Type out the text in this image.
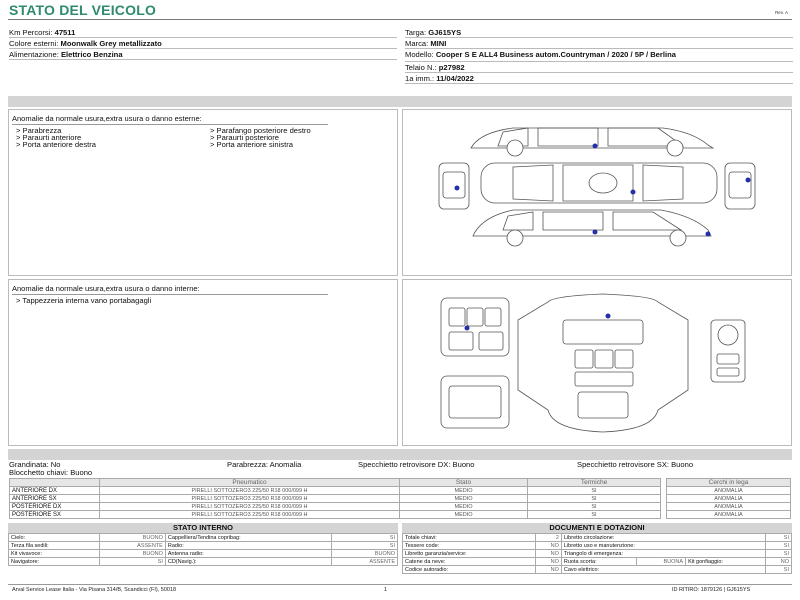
STATO DEL VEICOLO	Rev. A
Km Percorsi: 47511
Colore esterni: Moonwalk Grey metallizzato
Alimentazione: Elettrico Benzina
Targa: GJ615YS
Marca: MINI
Modello: Cooper S E ALL4 Business autom.Countryman / 2020 / 5P / Berlina
Telaio N.: p27982
1a imm.: 11/04/2022
Anomalie da normale usura,extra usura o danno esterne:
> Parabrezza	> Parafango posteriore destro
> Paraurti anteriore	> Paraurti posteriore
> Porta anteriore destra	> Porta anteriore sinistra
Anomalie da normale usura,extra usura o danno interne:
> Tappezzeria interna vano portabagagli
Grandinata: No	Parabrezza: Anomalia	Specchietto retrovisore DX: Buono	Specchietto retrovisore SX: Buono
Blocchetto chiavi: Buono
	Pneumatico	Stato	Termiche
ANTERIORE DX	PIRELLI SOTTOZERO3 225/50 R18 000/099 H	MEDIO	SI
ANTERIORE SX	PIRELLI SOTTOZERO3 225/50 R18 000/099 H	MEDIO	SI
POSTERIORE DX	PIRELLI SOTTOZERO3 225/50 R18 000/099 H	MEDIO	SI
POSTERIORE SX	PIRELLI SOTTOZERO3 225/50 R18 000/099 H	MEDIO	SI
Cerchi in lega
ANOMALIA
ANOMALIA
ANOMALIA
ANOMALIA
STATO INTERNO
Cielo:	BUONO	Cappelliera/Tendina copribag:	SI
Terza fila sedili:	ASSENTE	Radio:	SI
Kit vivavoce:	BUONO	Antenna radio:	BUONO
Navigatore:	SI	CD(Navig.):	ASSENTE
DOCUMENTI E DOTAZIONI
Totale chiavi:	2	Libretto circolazione:			SI
Tessere code:	NO	Libretto uso e manutenzione:			SI
Libretto garanzia/service:	NO	Triangolo di emergenza:			SI
Catene da neve:	NO	Ruota scorta:	BUONA	Kit gonfiaggio:	NO
Codice autoradio:	NO	Cavo elettrico:			SI
Arval Service Lease Italia - Via Pisana 314/B, Scandicci (FI), 50018	1	ID RITIRO: 1879126 | GJ615YS
